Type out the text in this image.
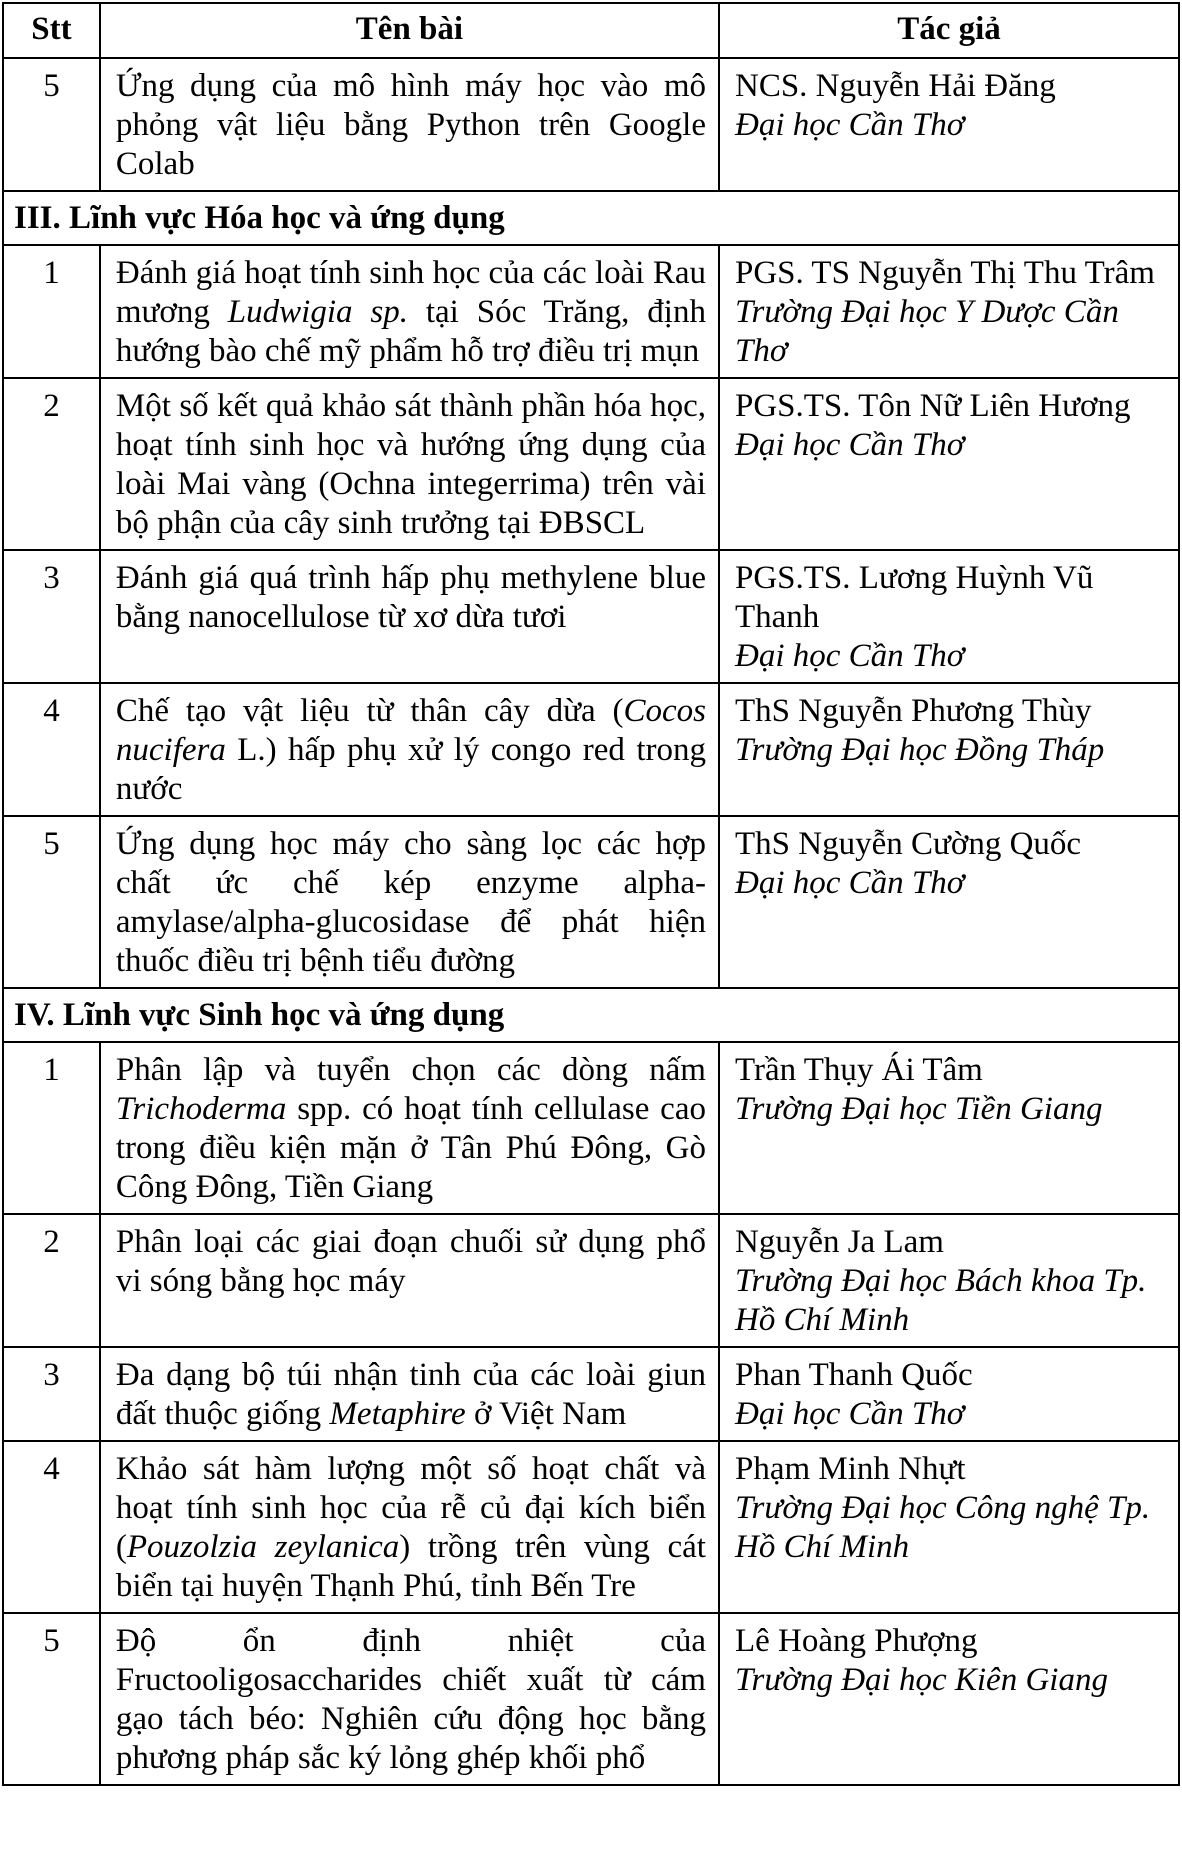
Stt	Tên bài	Tác giả
5	Ứng dụng của mô hình máy học vào mô phỏng vật liệu bằng Python trên Google Colab	NCS. Nguyễn Hải Đăng
Đại học Cần Thơ

III. Lĩnh vực Hóa học và ứng dụng		
1	Đánh giá hoạt tính sinh học của các loài Rau mương Ludwigia sp. tại Sóc Trăng, định hướng bào chế mỹ phẩm hỗ trợ điều trị mụn	PGS. TS Nguyễn Thị Thu Trâm
Trường Đại học Y Dược Cần Thơ

2	Một số kết quả khảo sát thành phần hóa học, hoạt tính sinh học và hướng ứng dụng của loài Mai vàng (Ochna integerrima) trên vài bộ phận của cây sinh trưởng tại ĐBSCL	PGS.TS. Tôn Nữ Liên Hương
Đại học Cần Thơ

3	Đánh giá quá trình hấp phụ methylene blue bằng nanocellulose từ xơ dừa tươi	PGS.TS. Lương Huỳnh Vũ Thanh
Đại học Cần Thơ

4	Chế tạo vật liệu từ thân cây dừa (Cocos nucifera L.) hấp phụ xử lý congo red trong nước	ThS Nguyễn Phương Thùy
Trường Đại học Đồng Tháp

5	Ứng dụng học máy cho sàng lọc các hợp chất ức chế kép enzyme alpha-amylase/alpha-glucosidase để phát hiện thuốc điều trị bệnh tiểu đường	ThS Nguyễn Cường Quốc
Đại học Cần Thơ

IV. Lĩnh vực Sinh học và ứng dụng		
1	Phân lập và tuyển chọn các dòng nấm Trichoderma spp. có hoạt tính cellulase cao trong điều kiện mặn ở Tân Phú Đông, Gò Công Đông, Tiền Giang	Trần Thụy Ái Tâm
Trường Đại học Tiền Giang

2	Phân loại các giai đoạn chuối sử dụng phổ vi sóng bằng học máy	Nguyễn Ja Lam
Trường Đại học Bách khoa Tp. Hồ Chí Minh

3	Đa dạng bộ túi nhận tinh của các loài giun đất thuộc giống Metaphire ở Việt Nam	Phan Thanh Quốc
Đại học Cần Thơ

4	Khảo sát hàm lượng một số hoạt chất và hoạt tính sinh học của rễ củ đại kích biển (Pouzolzia zeylanica) trồng trên vùng cát biển tại huyện Thạnh Phú, tỉnh Bến Tre	Phạm Minh Nhựt
Trường Đại học Công nghệ Tp. Hồ Chí Minh

5	Độ ổn định nhiệt của Fructooligosaccharides chiết xuất từ cám gạo tách béo: Nghiên cứu động học bằng phương pháp sắc ký lỏng ghép khối phổ	Lê Hoàng Phượng
Trường Đại học Kiên Giang
